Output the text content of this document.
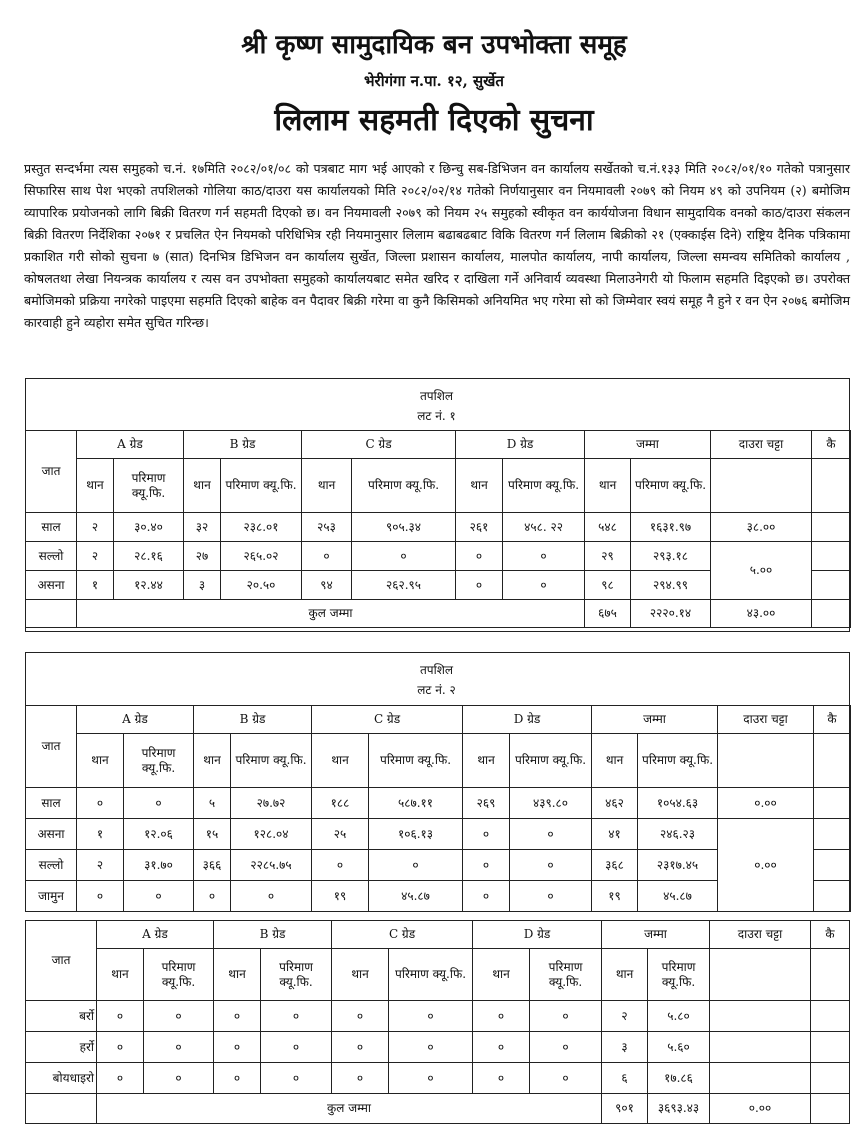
श्री कृष्ण सामुदायिक बन उपभोक्ता समूह
भेरीगंगा न.पा. १२, सुर्खेत
लिलाम सहमती दिएको सुचना

प्रस्तुत सन्दर्भमा त्यस समुहको च.नं. १७मिति २०८२/०१/०८ को पत्रबाट माग भई आएको र छिन्चु सब-डिभिजन वन कार्यालय सर्खेतको च.नं.१३३ मिति २०८२/०१/१० गतेको पत्रानुसार सिफारिस साथ पेश भएको तपशिलको गोलिया काठ/दाउरा यस कार्यालयको मिति २०८२/०२/१४ गतेको निर्णयानुसार वन नियमावली २०७९ को नियम ४९ को उपनियम (२) बमोजिम व्यापारिक प्रयोजनको लागि बिक्री वितरण गर्न सहमती दिएको छ। वन नियमावली २०७९ को नियम २५ समुहको स्वीकृत वन कार्ययोजना विधान सामुदायिक वनको काठ/दाउरा संकलन बिक्री वितरण निर्देशिका २०७१ र प्रचलित ऐन नियमको परिधिभित्र रही नियमानुसार लिलाम बढाबढबाट विकि वितरण गर्न लिलाम बिक्रीको २१ (एक्काईस दिने) राष्ट्रिय दैनिक पत्रिकामा प्रकाशित गरी सोको सुचना ७ (सात) दिनभित्र डिभिजन वन कार्यालय सुर्खेत, जिल्ला प्रशासन कार्यालय, मालपोत कार्यालय, नापी कार्यालय, जिल्ला समन्वय समितिको कार्यालय , कोषलतथा लेखा नियन्त्रक कार्यालय र त्यस वन उपभोक्ता समुहको कार्यालयबाट समेत खरिद र दाखिला गर्ने अनिवार्य व्यवस्था मिलाउनेगरी यो फिलाम सहमति दिइएको छ। उपरोक्त बमोजिमको प्रक्रिया नगरेको पाइएमा सहमति दिएको बाहेक वन पैदावर बिक्री गरेमा वा कुनै किसिमको अनियमित भए गरेमा सो को जिम्मेवार स्वयं समूह नै हुने र वन ऐन २०७६ बमोजिम कारवाही हुने व्यहोरा समेत सुचित गरिन्छ।

तपशिल
लट नं. १
जात	A ग्रेड		B ग्रेड		C ग्रेड		D ग्रेड		जम्मा		दाउरा चट्टा	कै
	थान	परिमाण क्यू.फि.	थान	परिमाण क्यू.फि.	थान	परिमाण क्यू.फि.	थान	परिमाण क्यू.फि.	थान	परिमाण क्यू.फि.		
साल	२	३०.४०	३२	२३८.०१	२५३	९०५.३४	२६१	४५८. २२	५४८	१६३१.९७	३८.००	
सल्लो	२	२८.१६	२७	२६५.०२	०	०	०	०	२९	२९३.१८	५.००	
असना	१	१२.४४	३	२०.५०	९४	२६२.९५	०	०	९८	२९४.९९		
	कुल जम्मा								६७५	२२२०.१४	४३.००	
तपशिल
लट नं. २
जात	A ग्रेड		B ग्रेड		C ग्रेड		D ग्रेड		जम्मा		दाउरा चट्टा	कै
	थान	परिमाण क्यू.फि.	थान	परिमाण क्यू.फि.	थान	परिमाण क्यू.फि.	थान	परिमाण क्यू.फि.	थान	परिमाण क्यू.फि.		
साल	०	०	५	२७.७२	१८८	५८७.११	२६९	४३९.८०	४६२	१०५४.६३	०.००	
असना	१	१२.०६	१५	१२८.०४	२५	१०६.१३	०	०	४१	२४६.२३	०.००	
सल्लो	२	३१.७०	३६६	२२८५.७५	०	०	०	०	३६८	२३१७.४५		
जामुन	०	०	०	०	१९	४५.८७	०	०	१९	४५.८७		
जात	A ग्रेड		B ग्रेड		C ग्रेड		D ग्रेड		जम्मा		दाउरा चट्टा	कै
	थान	परिमाण क्यू.फि.	थान	परिमाण क्यू.फि.	थान	परिमाण क्यू.फि.	थान	परिमाण क्यू.फि.	थान	परिमाण क्यू.फि.		
बर्रो	०	०	०	०	०	०	०	०	२	५.८०		
हर्रो	०	०	०	०	०	०	०	०	३	५.६०		
बोयधाइरो	०	०	०	०	०	०	०	०	६	१७.८६		
	कुल जम्मा								९०१	३६९३.४३	०.००	
